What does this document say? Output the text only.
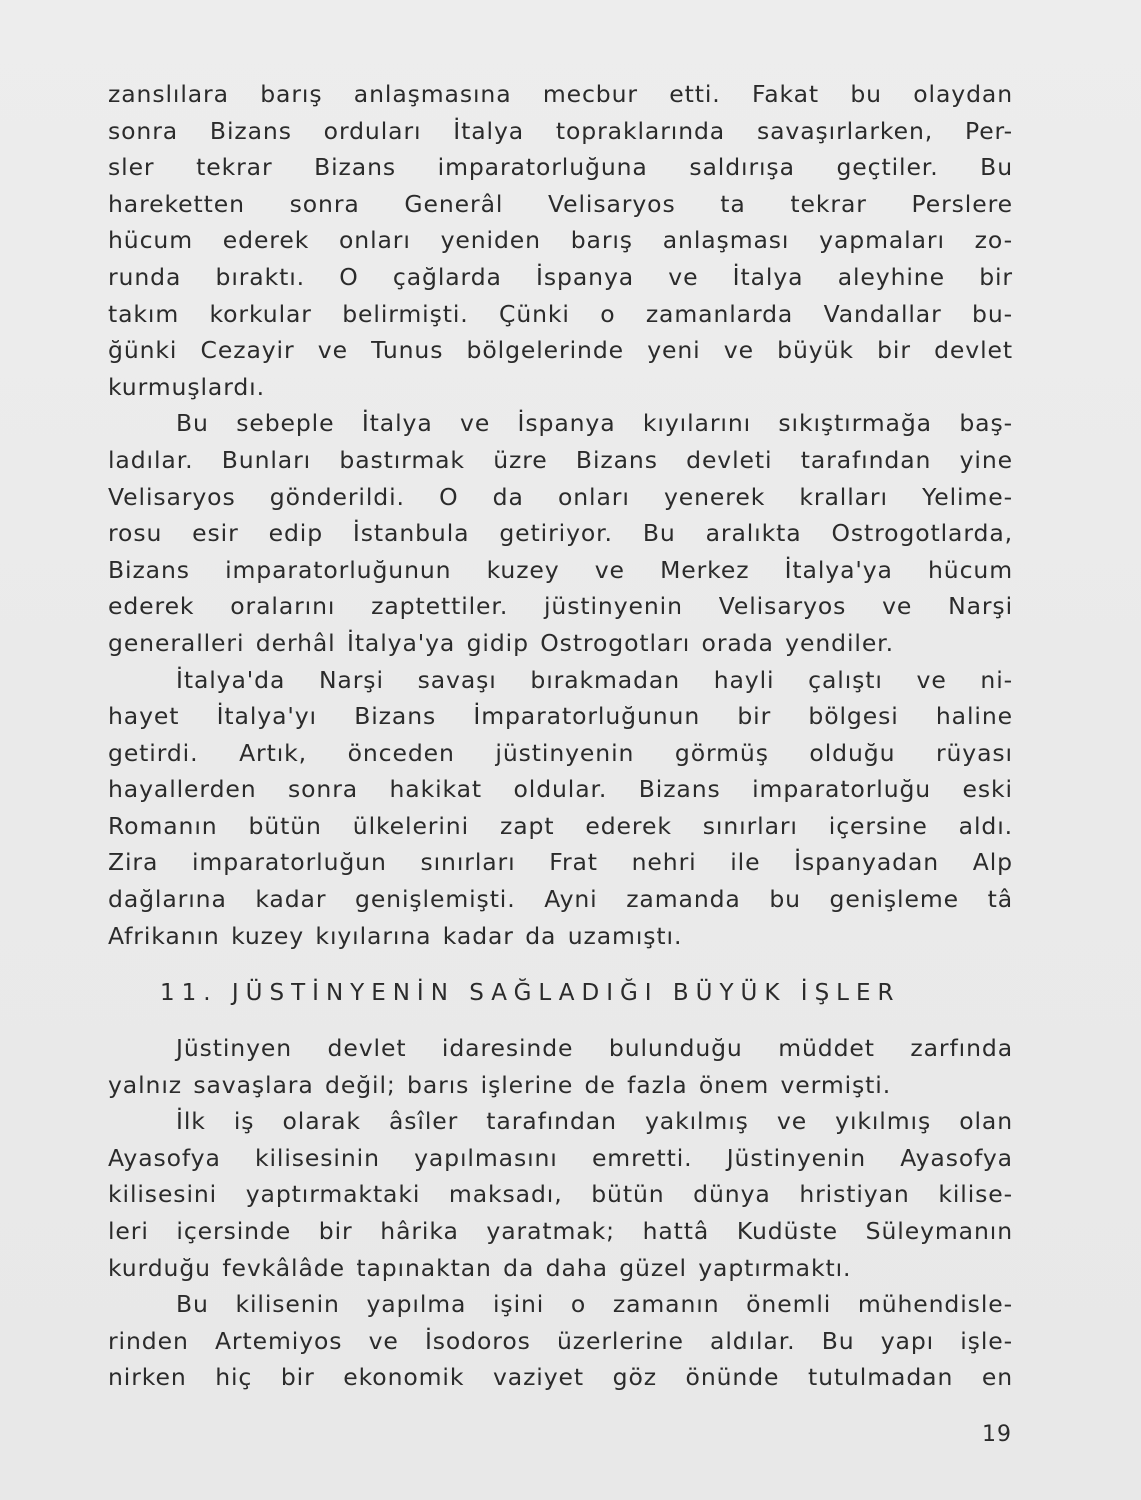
zanslılara barış anlaşmasına mecbur etti. Fakat bu olaydan
sonra Bizans orduları İtalya topraklarında savaşırlarken, Per-
sler tekrar Bizans imparatorluğuna saldırışa geçtiler. Bu
hareketten sonra Generâl Velisaryos ta tekrar Perslere
hücum ederek onları yeniden barış anlaşması yapmaları zo-
runda bıraktı. O çağlarda İspanya ve İtalya aleyhine bir
takım korkular belirmişti. Çünki o zamanlarda Vandallar bu-
ğünki Cezayir ve Tunus bölgelerinde yeni ve büyük bir devlet
kurmuşlardı.
Bu sebeple İtalya ve İspanya kıyılarını sıkıştırmağa baş-
ladılar. Bunları bastırmak üzre Bizans devleti tarafından yine
Velisaryos gönderildi. O da onları yenerek kralları Yelime-
rosu esir edip İstanbula getiriyor. Bu aralıkta Ostrogotlarda,
Bizans imparatorluğunun kuzey ve Merkez İtalya'ya hücum
ederek oralarını zaptettiler. jüstinyenin Velisaryos ve Narşi
generalleri derhâl İtalya'ya gidip Ostrogotları orada yendiler.
İtalya'da Narşi savaşı bırakmadan hayli çalıştı ve ni-
hayet İtalya'yı Bizans İmparatorluğunun bir bölgesi haline
getirdi. Artık, önceden jüstinyenin görmüş olduğu rüyası
hayallerden sonra hakikat oldular. Bizans imparatorluğu eski
Romanın bütün ülkelerini zapt ederek sınırları içersine aldı.
Zira imparatorluğun sınırları Frat nehri ile İspanyadan Alp
dağlarına kadar genişlemişti. Ayni zamanda bu genişleme tâ
Afrikanın kuzey kıyılarına kadar da uzamıştı.
11. JÜSTİNYENİN SAĞLADIĞI BÜYÜK İŞLER
Jüstinyen devlet idaresinde bulunduğu müddet zarfında
yalnız savaşlara değil; barıs işlerine de fazla önem vermişti.
İlk iş olarak âsîler tarafından yakılmış ve yıkılmış olan
Ayasofya kilisesinin yapılmasını emretti. Jüstinyenin Ayasofya
kilisesini yaptırmaktaki maksadı, bütün dünya hristiyan kilise-
leri içersinde bir hârika yaratmak; hattâ Kudüste Süleymanın
kurduğu fevkâlâde tapınaktan da daha güzel yaptırmaktı.
Bu kilisenin yapılma işini o zamanın önemli mühendisle-
rinden Artemiyos ve İsodoros üzerlerine aldılar. Bu yapı işle-
nirken hiç bir ekonomik vaziyet göz önünde tutulmadan en
19
